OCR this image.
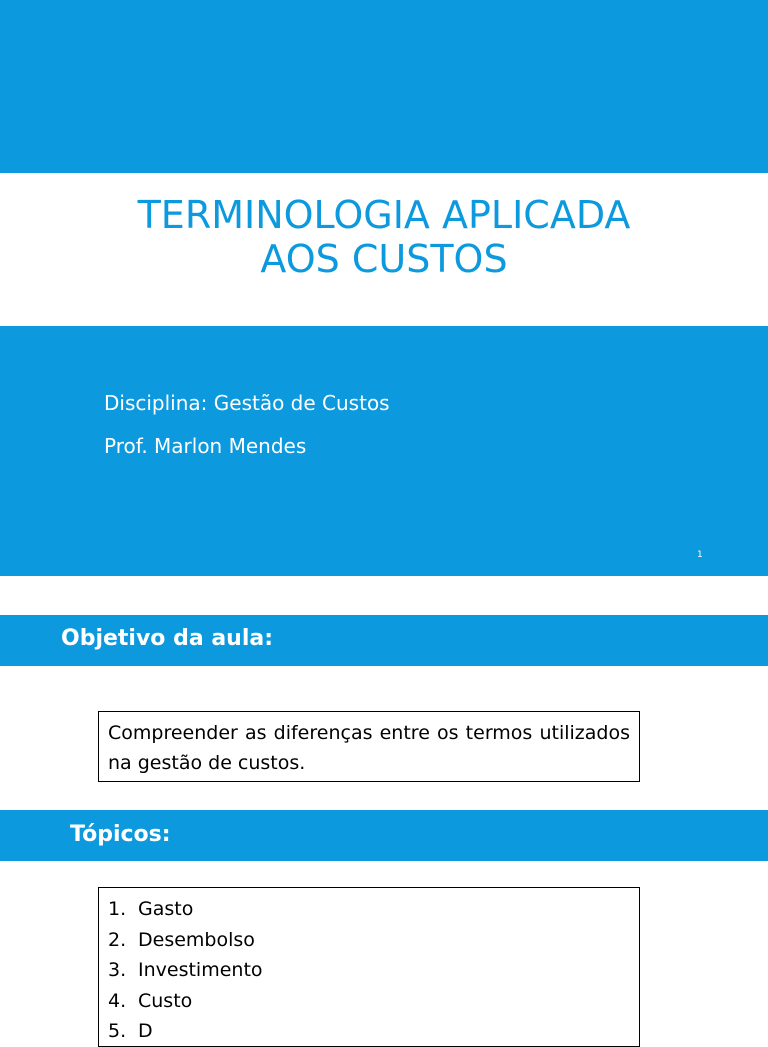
TERMINOLOGIA APLICADA
AOS CUSTOS
Disciplina: Gestão de Custos
Prof. Marlon Mendes
1
Objetivo da aula:
Compreender as diferenças entre os termos utilizados na gestão de custos.
Tópicos:
1. Gasto
2. Desembolso
3. Investimento
4. Custo
5. D
